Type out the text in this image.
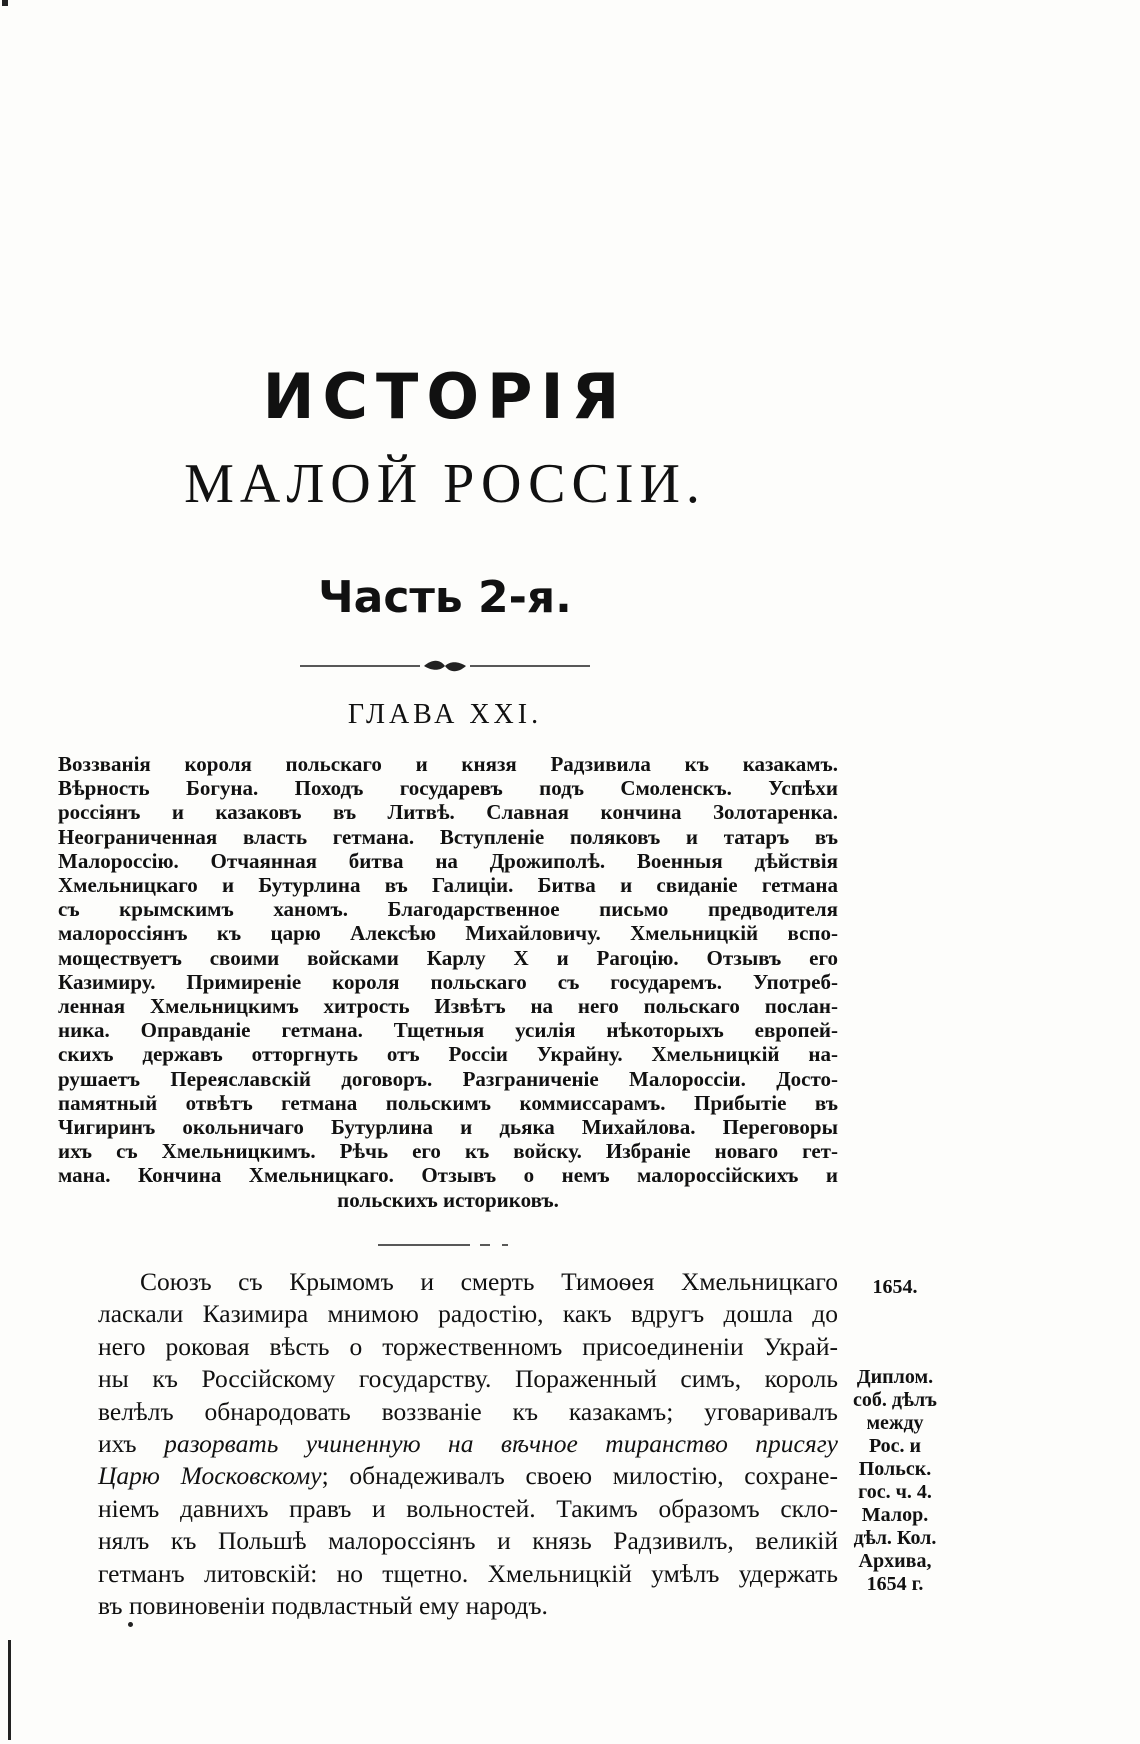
ИСТОРІЯ
МАЛОЙ РОССІИ.
Часть 2-я.
ГЛАВА XXI.
Воззванія короля польскаго и князя Радзивила къ казакамъ.
Вѣрность Богуна. Походъ государевъ подъ Смоленскъ. Успѣхи
россіянъ и казаковъ въ Литвѣ. Славная кончина Золотаренка.
Неограниченная власть гетмана. Вступленіе поляковъ и татаръ въ
Малороссію. Отчаянная битва на Дрожиполѣ. Военныя дѣйствія
Хмельницкаго и Бутурлина въ Галиціи. Битва и свиданіе гетмана
съ крымскимъ ханомъ. Благодарственное письмо предводителя
малороссіянъ къ царю Алексѣю Михайловичу. Хмельницкій вспо-
моществуетъ своими войсками Карлу X и Рагоцію. Отзывъ его
Казимиру. Примиреніе короля польскаго съ государемъ. Употреб-
ленная Хмельницкимъ хитрость Извѣтъ на него польскаго послан-
ника. Оправданіе гетмана. Тщетныя усилія нѣкоторыхъ европей-
скихъ державъ отторгнуть отъ Россіи Украйну. Хмельницкій на-
рушаетъ Переяславскій договоръ. Разграниченіе Малороссіи. Досто-
памятный отвѣтъ гетмана польскимъ коммиссарамъ. Прибытіе въ
Чигиринъ окольничаго Бутурлина и дьяка Михайлова. Переговоры
ихъ съ Хмельницкимъ. Рѣчь его къ войску. Избраніе новаго гет-
мана. Кончина Хмельницкаго. Отзывъ о немъ малороссійскихъ и
польскихъ историковъ.
Союзъ съ Крымомъ и смерть Тимоѳея Хмельницкаго
ласкали Казимира мнимою радостію, какъ вдругъ дошла до
него роковая вѣсть о торжественномъ присоединеніи Украй-
ны къ Россійскому государству. Пораженный симъ, король
велѣлъ обнародовать воззваніе къ казакамъ; уговаривалъ
ихъ разорвать учиненную на вѣчное тиранство присягу
Царю Московскому; обнадеживалъ своею милостію, сохране-
ніемъ давнихъ правъ и вольностей. Такимъ образомъ скло-
нялъ къ Польшѣ малороссіянъ и князь Радзивилъ, великій
гетманъ литовскій: но тщетно. Хмельницкій умѣлъ удержать
въ повиновеніи подвластный ему народъ.
1654.
Диплом.
соб. дѣлъ
между
Рос. и
Польск.
гос. ч. 4.
Малор.
дѣл. Кол.
Архива,
1654 г.
